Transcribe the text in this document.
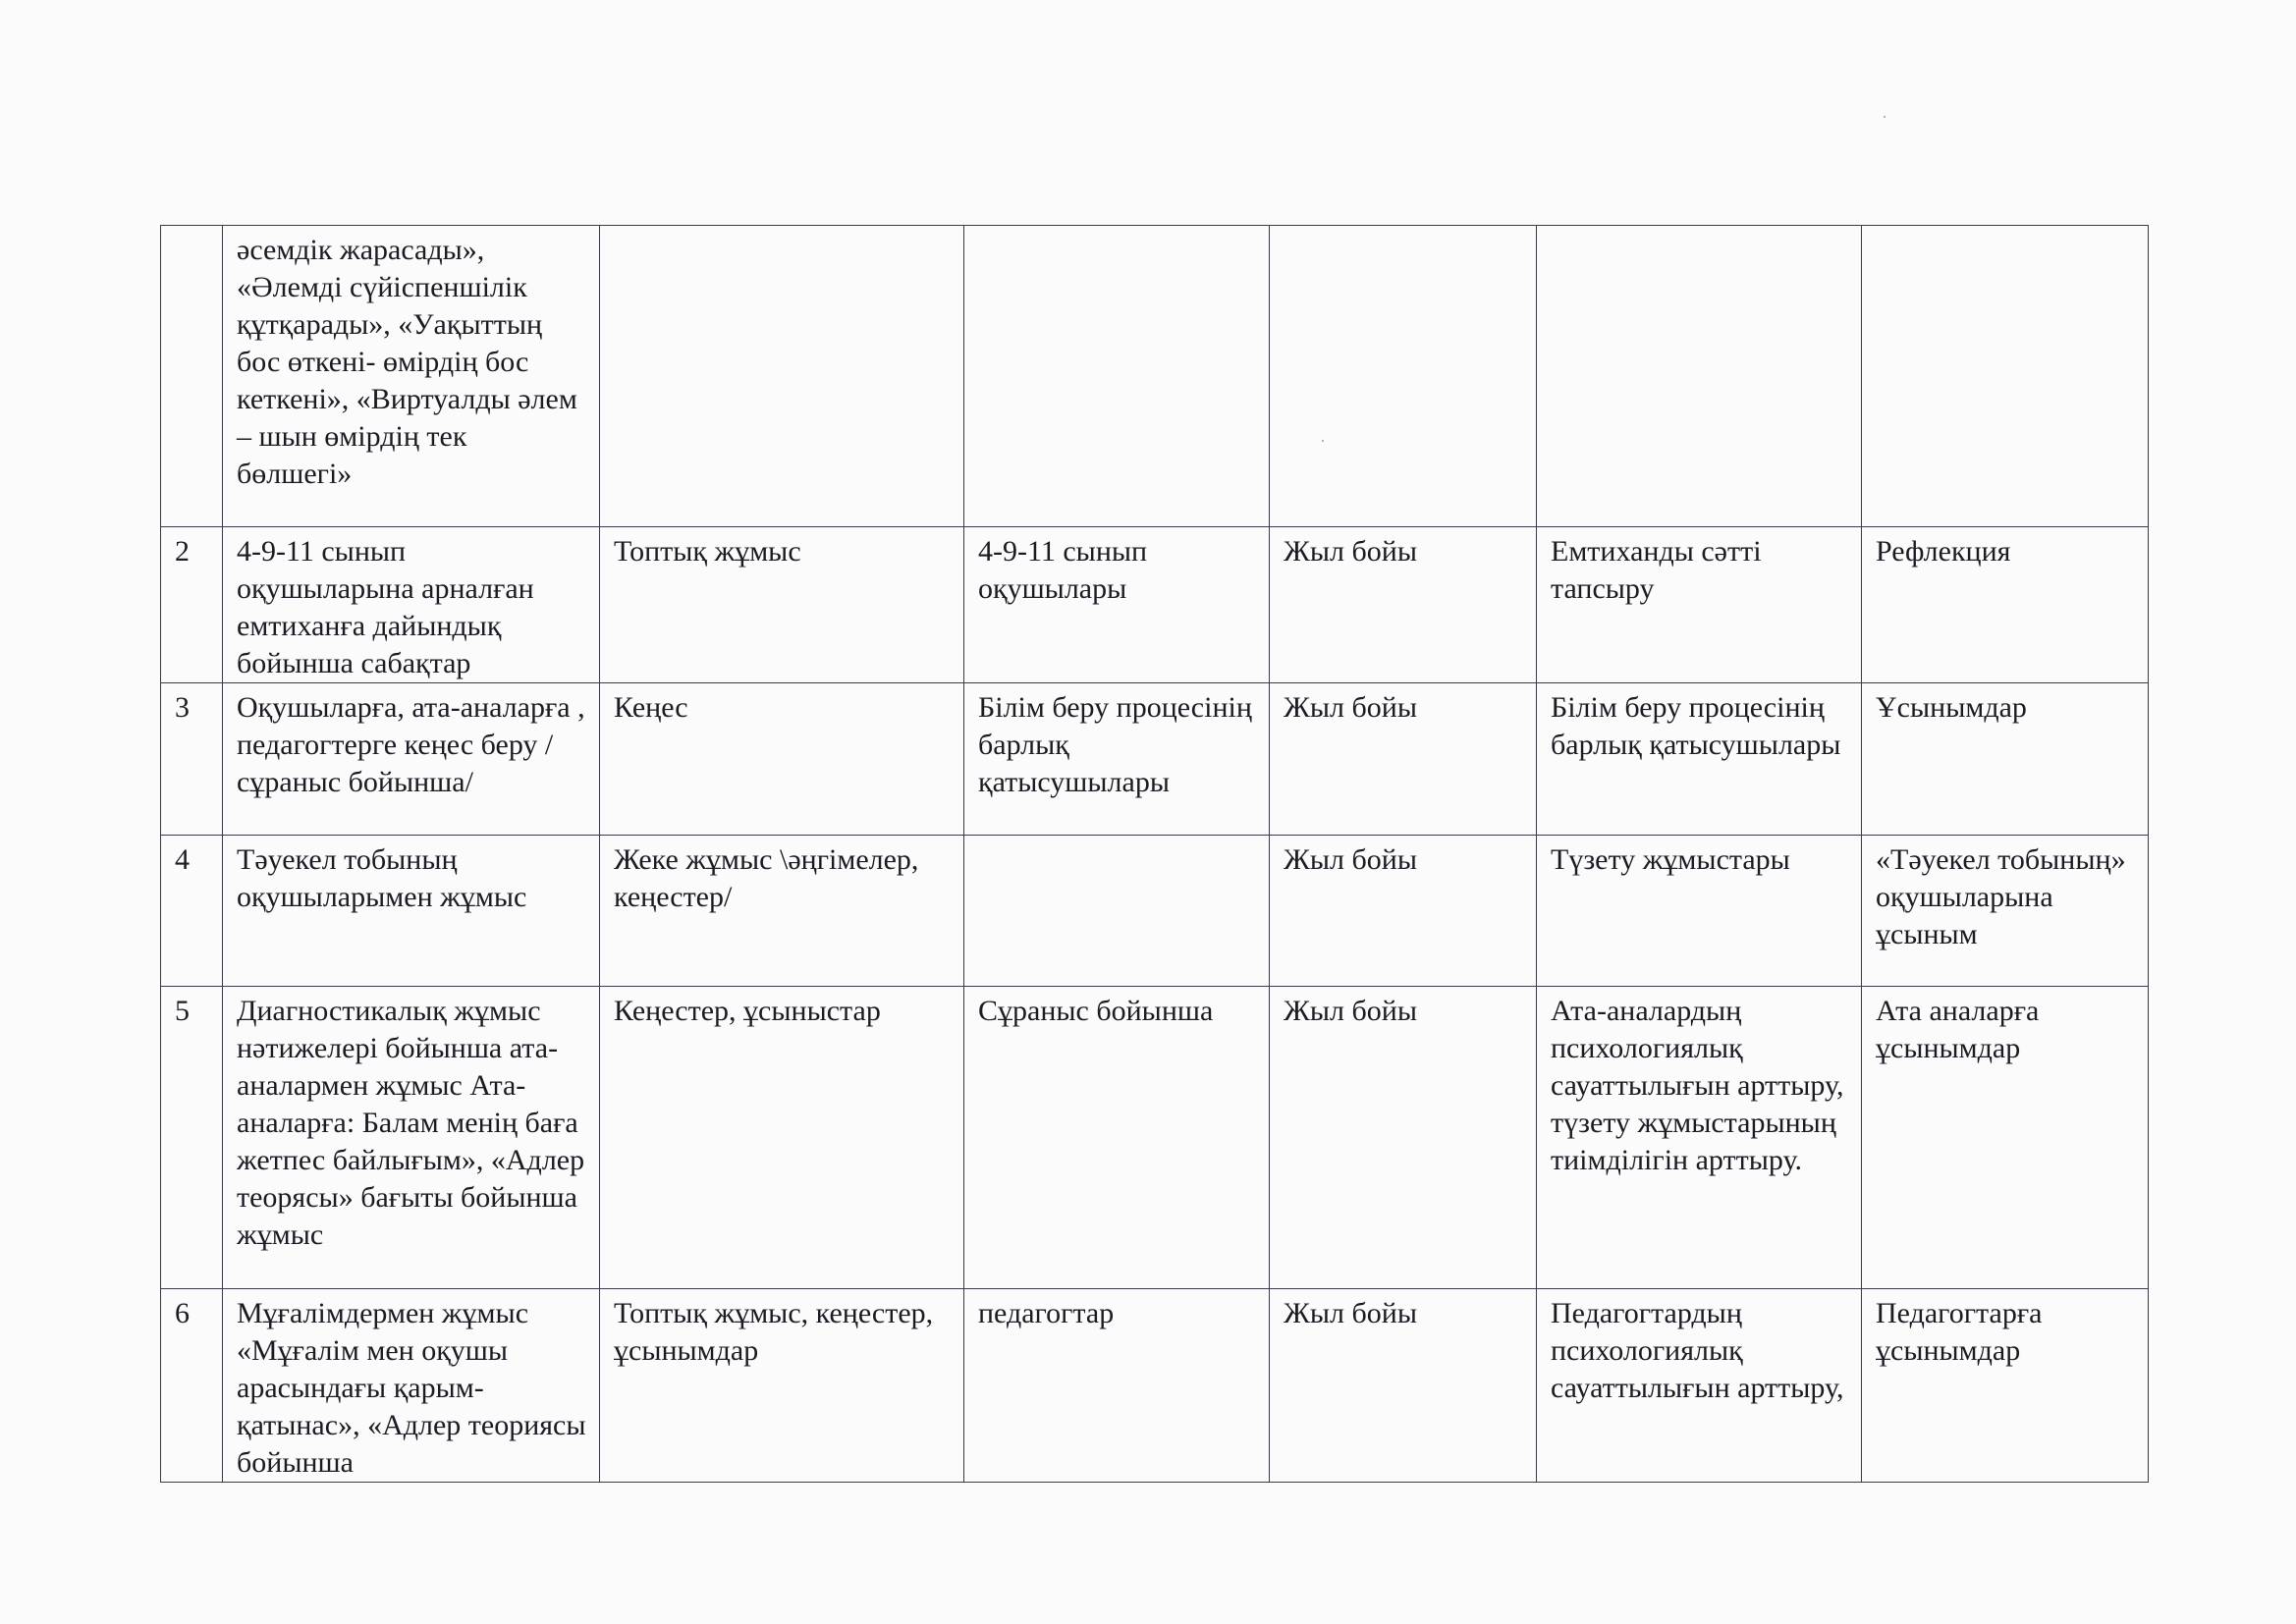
	әсемдік жарасады», «Әлемді сүйіспеншілік құтқарады», «Уақыттың бос өткені- өмірдің бос кеткені», «Виртуалды әлем – шын өмірдің тек бөлшегі»					
2	4-9-11 сынып оқушыларына арналған емтиханға дайындық бойынша сабақтар	Топтық жұмыс	4-9-11 сынып оқушылары	Жыл бойы	Емтиханды сәтті тапсыру	Рефлекция
3	Оқушыларға, ата-аналарға , педагогтерге кеңес беру /сұраныс бойынша/	Кеңес	Білім беру процесінің барлық қатысушылары	Жыл бойы	Білім беру процесінің барлық қатысушылары	Ұсынымдар
4	Тәуекел тобының оқушыларымен жұмыс	Жеке жұмыс \әңгімелер, кеңестер/		Жыл бойы	Түзету жұмыстары	«Тәуекел тобының» оқушыларына ұсыным
5	Диагностикалық жұмыс нәтижелері бойынша ата-аналармен жұмыс Ата-аналарға: Балам менің баға жетпес байлығым», «Адлер теорясы» бағыты бойынша жұмыс	Кеңестер, ұсыныстар	Сұраныс бойынша	Жыл бойы	Ата-аналардың психологиялық сауаттылығын арттыру, түзету жұмыстарының тиімділігін арттыру.	Ата аналарға ұсынымдар
6	Мұғалімдермен жұмыс «Мұғалім мен оқушы арасындағы қарым-қатынас», «Адлер теориясы бойынша	Топтық жұмыс, кеңестер, ұсынымдар	педагогтар	Жыл бойы	Педагогтардың психологиялық сауаттылығын арттыру,	Педагогтарға ұсынымдар
